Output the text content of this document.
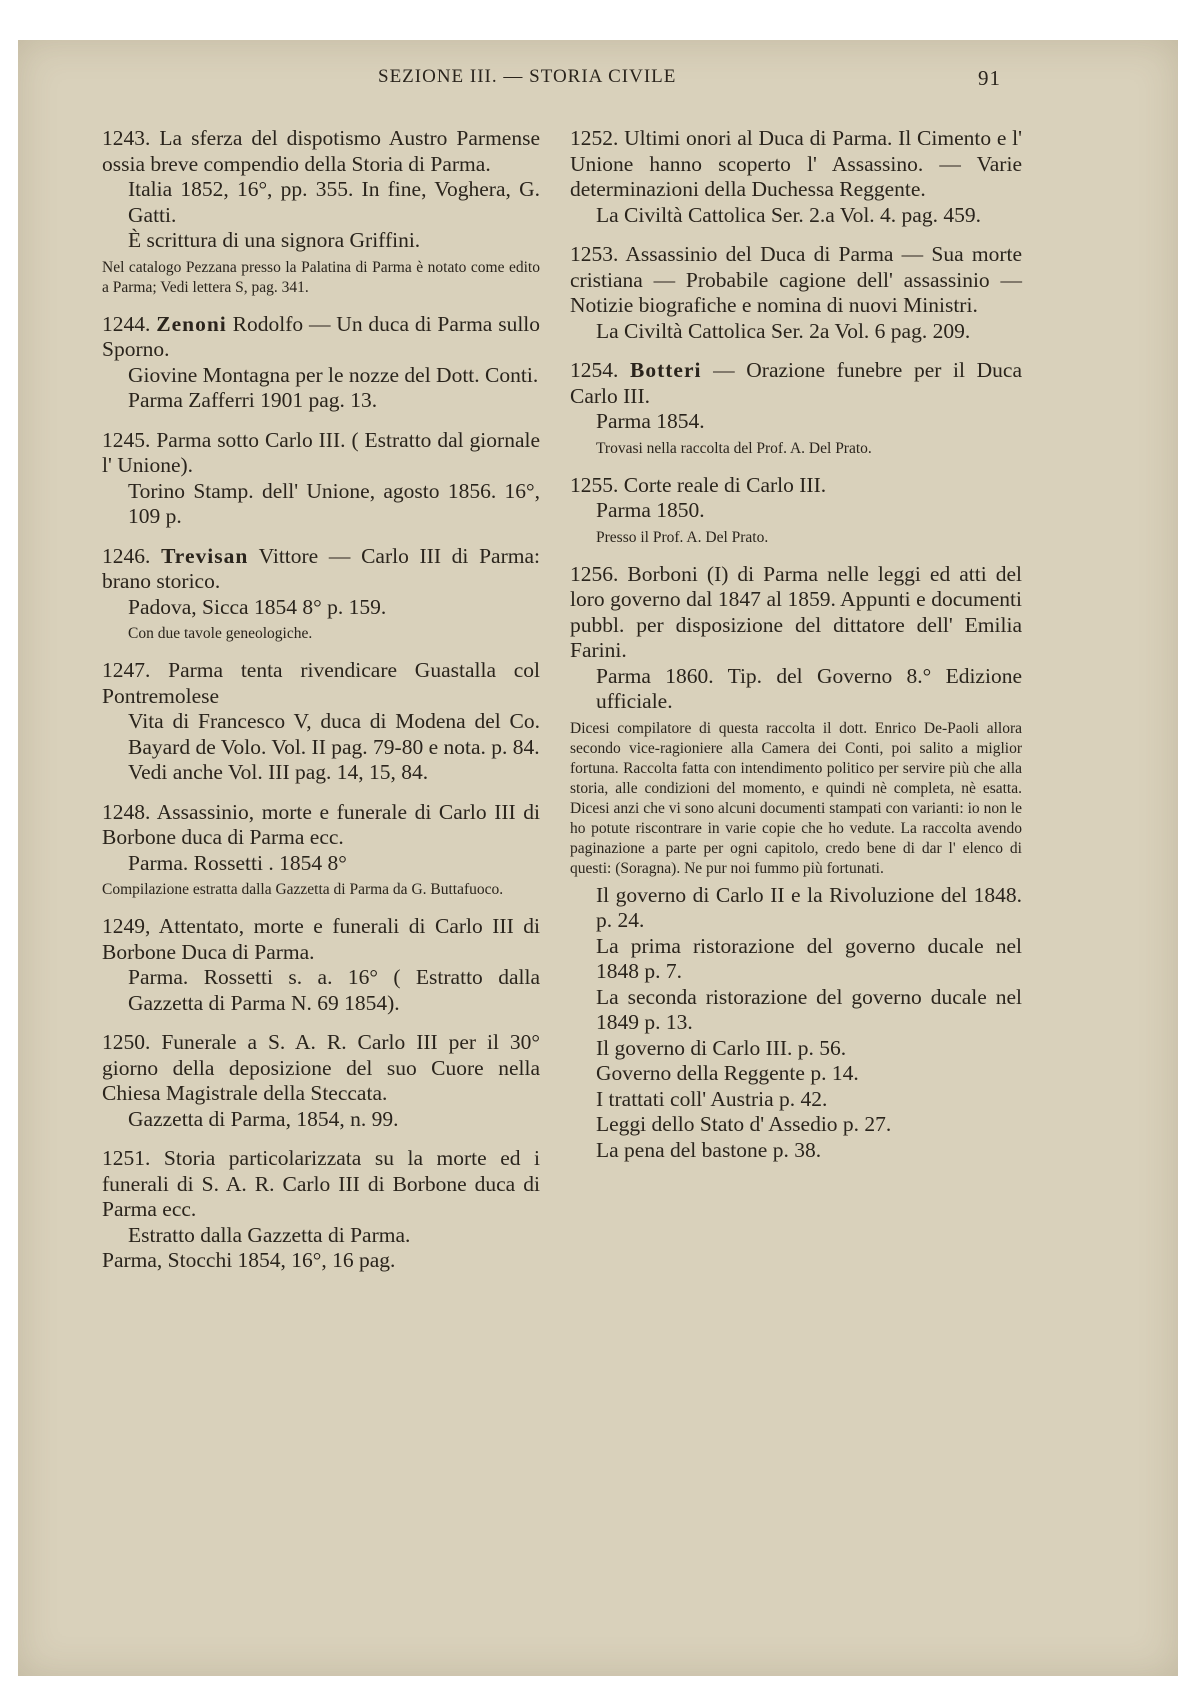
SEZIONE III. — STORIA CIVILE	91
1243. La sferza del dispotismo Austro Parmense ossia breve compendio della Storia di Parma.
Italia 1852, 16°, pp. 355. In fine, Voghera, G. Gatti.
È scrittura di una signora Griffini.
Nel catalogo Pezzana presso la Palatina di Parma è notato come edito a Parma; Vedi lettera S, pag. 341.
1244. Zenoni Rodolfo — Un duca di Parma sullo Sporno.
Giovine Montagna per le nozze del Dott. Conti.
Parma Zafferri 1901 pag. 13.
1245. Parma sotto Carlo III. ( Estratto dal giornale l' Unione).
Torino Stamp. dell' Unione, agosto 1856. 16°, 109 p.
1246. Trevisan Vittore — Carlo III di Parma: brano storico.
Padova, Sicca 1854 8° p. 159.
Con due tavole geneologiche.
1247. Parma tenta rivendicare Guastalla col Pontremolese
Vita di Francesco V, duca di Modena del Co. Bayard de Volo. Vol. II pag. 79-80 e nota. p. 84.
Vedi anche Vol. III pag. 14, 15, 84.
1248. Assassinio, morte e funerale di Carlo III di Borbone duca di Parma ecc.
Parma. Rossetti . 1854 8°
Compilazione estratta dalla Gazzetta di Parma da G. Buttafuoco.
1249, Attentato, morte e funerali di Carlo III di Borbone Duca di Parma.
Parma. Rossetti s. a. 16° ( Estratto dalla Gazzetta di Parma N. 69 1854).
1250. Funerale a S. A. R. Carlo III per il 30° giorno della deposizione del suo Cuore nella Chiesa Magistrale della Steccata.
Gazzetta di Parma, 1854, n. 99.
1251. Storia particolarizzata su la morte ed i funerali di S. A. R. Carlo III di Borbone duca di Parma ecc.
Estratto dalla Gazzetta di Parma.
Parma, Stocchi 1854, 16°, 16 pag.
1252. Ultimi onori al Duca di Parma. Il Cimento e l' Unione hanno scoperto l' Assassino. — Varie determinazioni della Duchessa Reggente.
La Civiltà Cattolica Ser. 2.a Vol. 4. pag. 459.
1253. Assassinio del Duca di Parma — Sua morte cristiana — Probabile cagione dell' assassinio — Notizie biografiche e nomina di nuovi Ministri.
La Civiltà Cattolica Ser. 2a Vol. 6 pag. 209.
1254. Botteri — Orazione funebre per il Duca Carlo III.
Parma 1854.
Trovasi nella raccolta del Prof. A. Del Prato.
1255. Corte reale di Carlo III.
Parma 1850.
Presso il Prof. A. Del Prato.
1256. Borboni (I) di Parma nelle leggi ed atti del loro governo dal 1847 al 1859. Appunti e documenti pubbl. per disposizione del dittatore dell' Emilia Farini.
Parma 1860. Tip. del Governo 8.° Edizione ufficiale.
Dicesi compilatore di questa raccolta il dott. Enrico De-Paoli allora secondo vice-ragioniere alla Camera dei Conti, poi salito a miglior fortuna. Raccolta fatta con intendimento politico per servire più che alla storia, alle condizioni del momento, e quindi nè completa, nè esatta. Dicesi anzi che vi sono alcuni documenti stampati con varianti: io non le ho potute riscontrare in varie copie che ho vedute. La raccolta avendo paginazione a parte per ogni capitolo, credo bene di dar l' elenco di questi: (Soragna). Ne pur noi fummo più fortunati.
Il governo di Carlo II e la Rivoluzione del 1848. p. 24.
La prima ristorazione del governo ducale nel 1848 p. 7.
La seconda ristorazione del governo ducale nel 1849 p. 13.
Il governo di Carlo III. p. 56.
Governo della Reggente p. 14.
I trattati coll' Austria p. 42.
Leggi dello Stato d' Assedio p. 27.
La pena del bastone p. 38.
